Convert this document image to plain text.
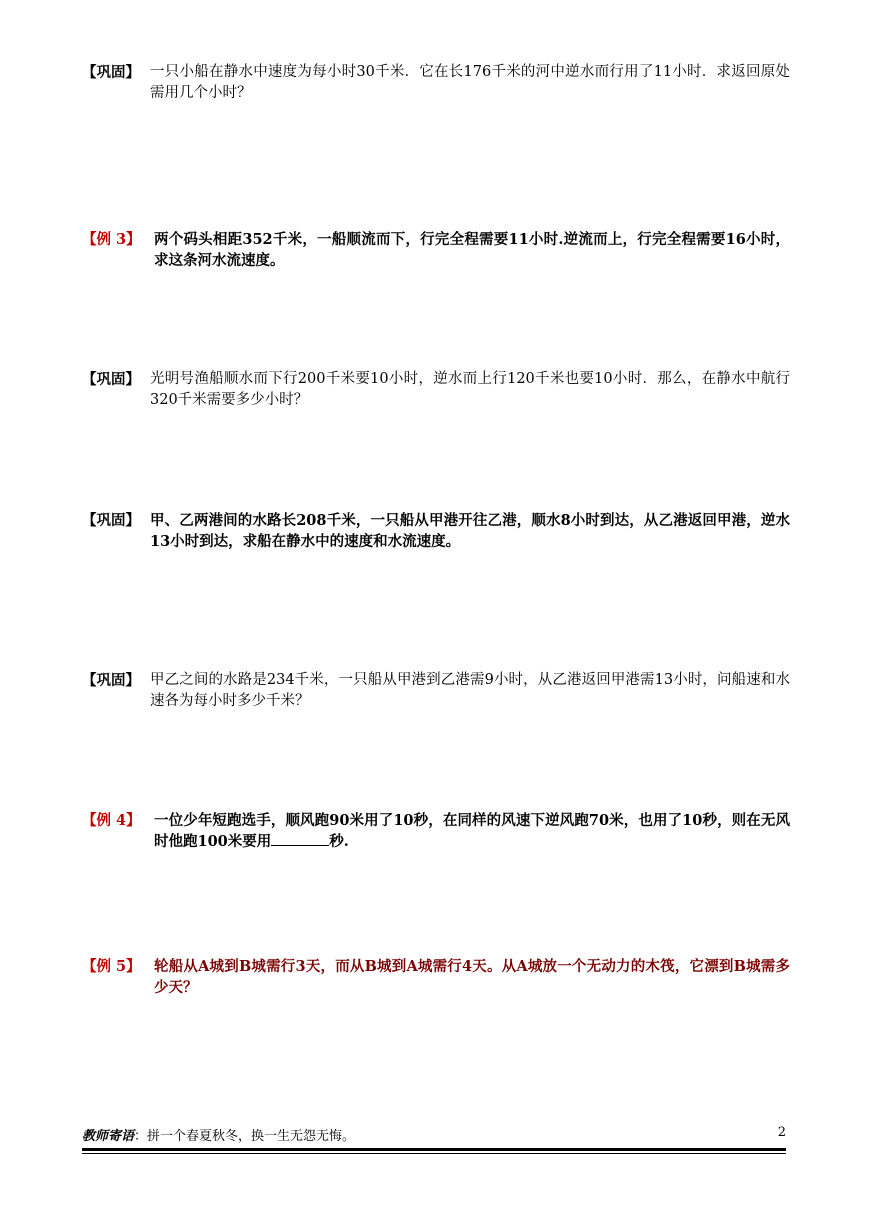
【巩固】 一只小船在静水中速度为每小时30千米．它在长176千米的河中逆水而行用了11小时．求返回原处需用几个小时？
【例 3】 两个码头相距352千米，一船顺流而下，行完全程需要11小时.逆流而上，行完全程需要16小时，求这条河水流速度。
【巩固】 光明号渔船顺水而下行200千米要10小时，逆水而上行120千米也要10小时．那么，在静水中航行320千米需要多少小时？
【巩固】 甲、乙两港间的水路长208千米，一只船从甲港开往乙港，顺水8小时到达，从乙港返回甲港，逆水13小时到达，求船在静水中的速度和水流速度。
【巩固】 甲乙之间的水路是234千米，一只船从甲港到乙港需9小时，从乙港返回甲港需13小时，问船速和水速各为每小时多少千米？
【例 4】 一位少年短跑选手，顺风跑90米用了10秒，在同样的风速下逆风跑70米，也用了10秒，则在无风时他跑100米要用	秒.
【例 5】 轮船从A城到B城需行3天，而从B城到A城需行4天。从A城放一个无动力的木筏，它漂到B城需多少天？
教师寄语：拼一个春夏秋冬，换一生无怨无悔。	2
